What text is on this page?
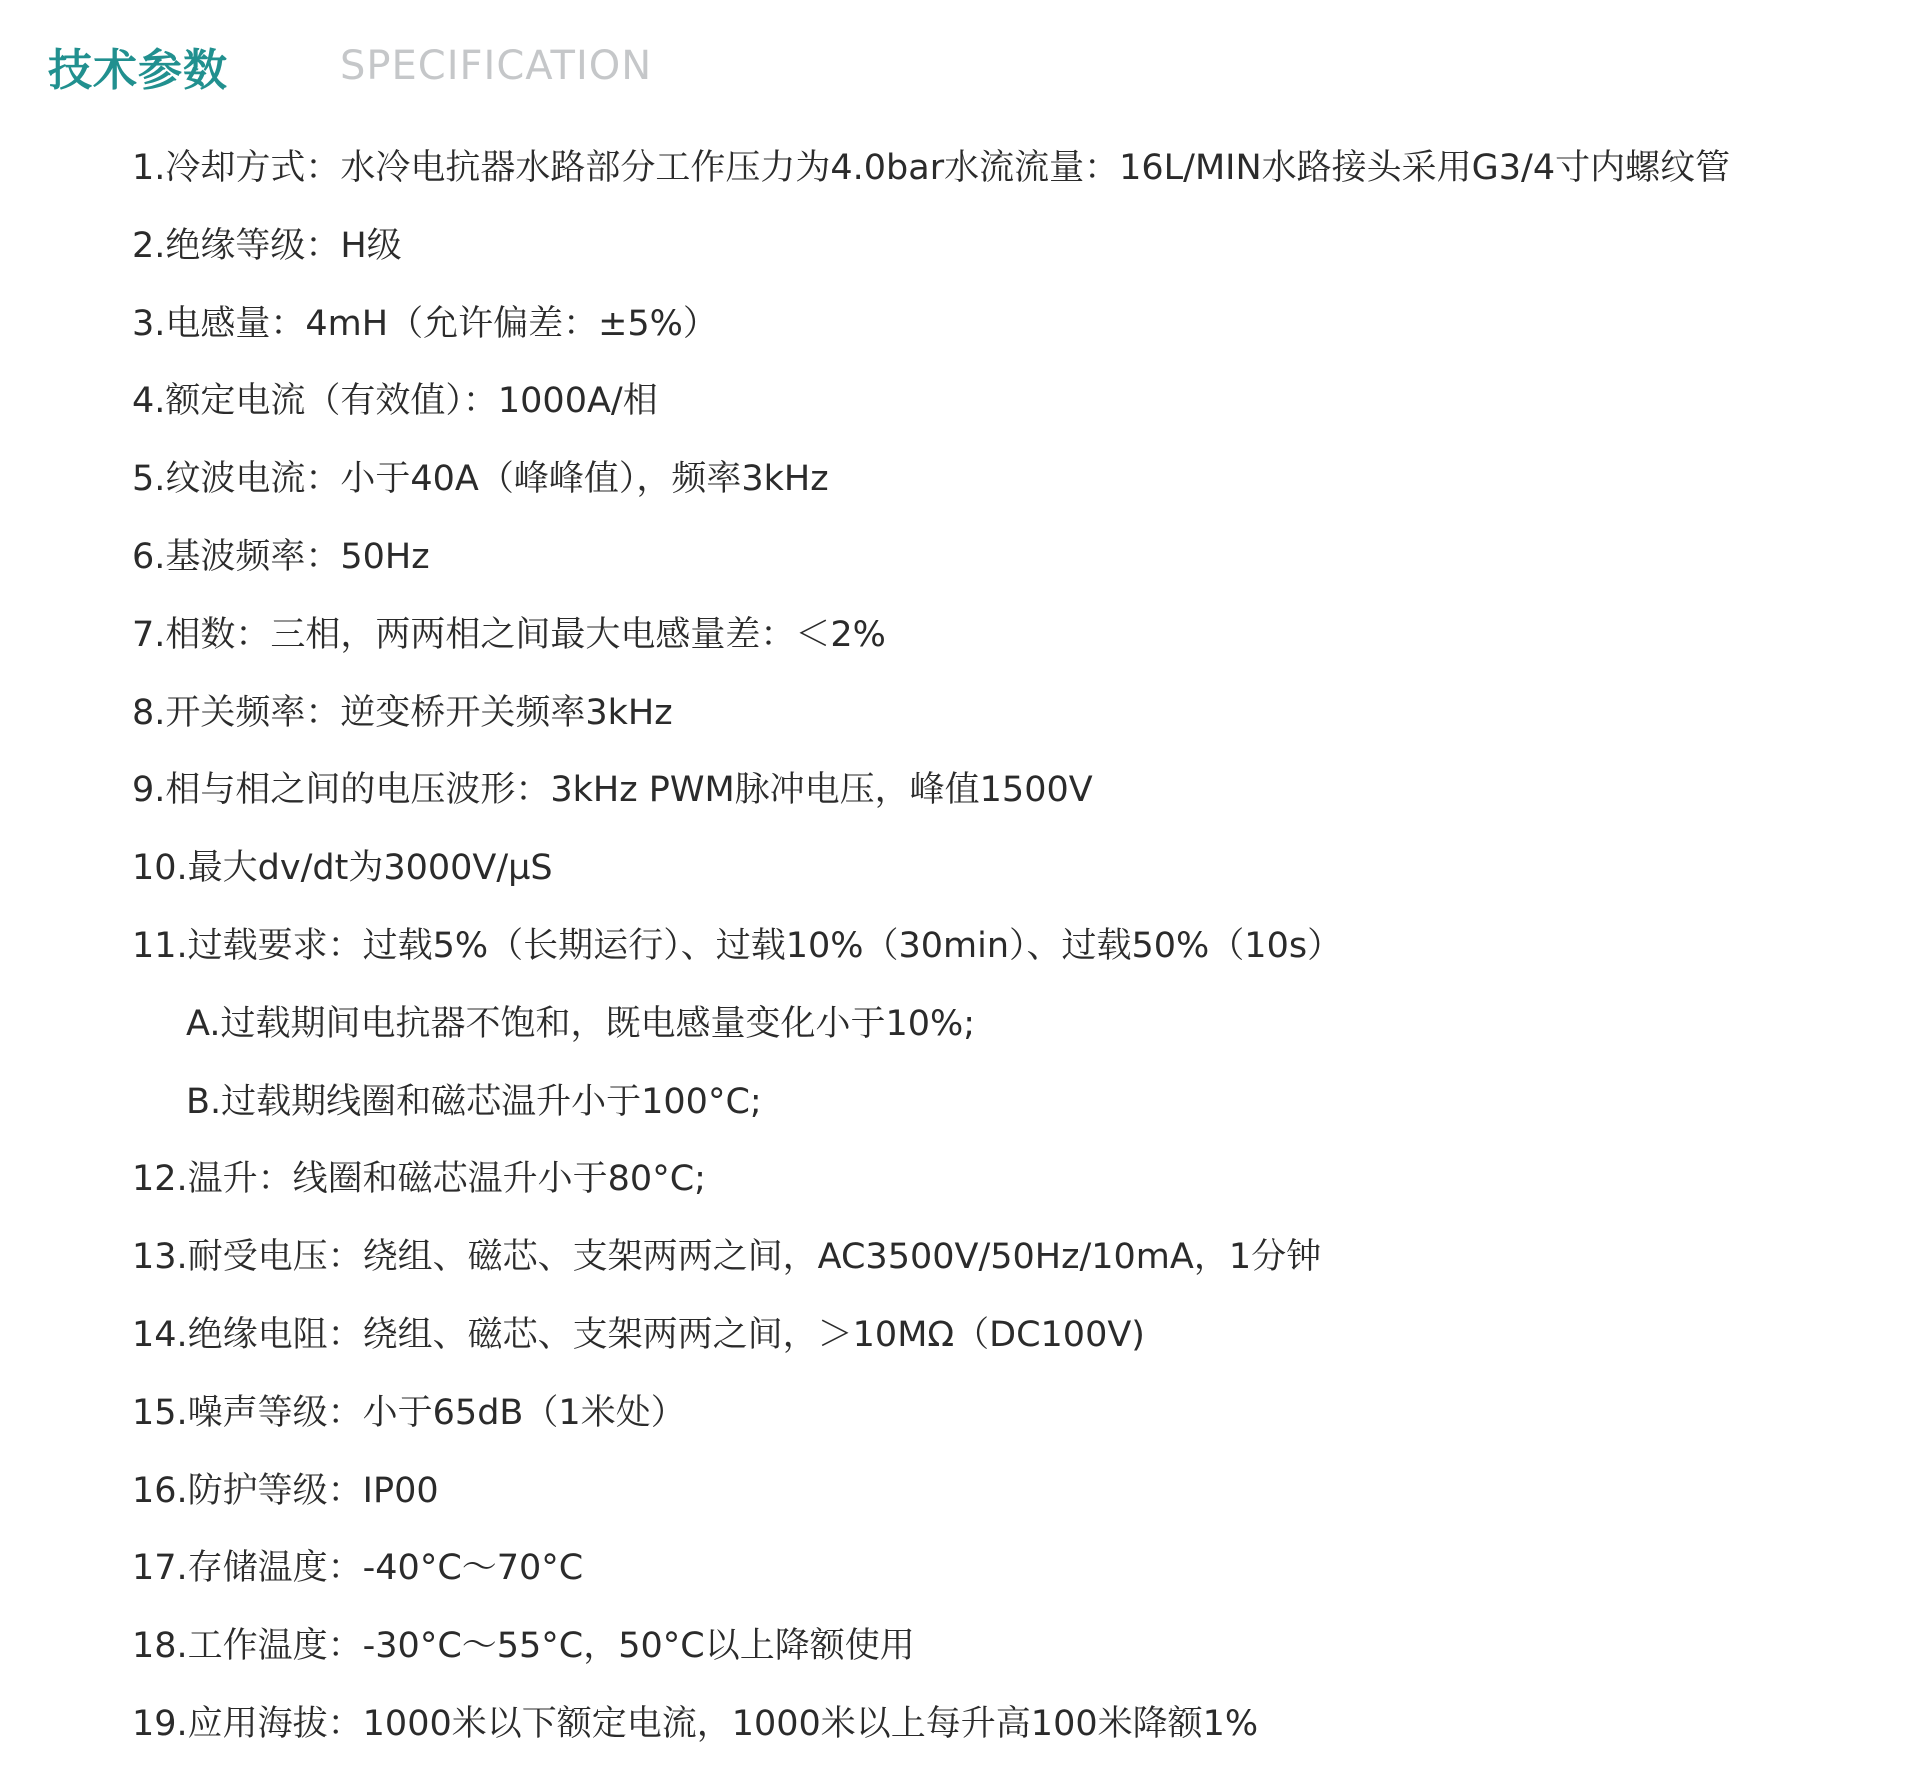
技术参数	SPECIFICATION
1.冷却方式：水冷电抗器水路部分工作压力为4.0bar水流流量：16L/MIN水路接头采用G3/4寸内螺纹管
2.绝缘等级：H级
3.电感量：4mH（允许偏差：±5%）
4.额定电流（有效值）：1000A/相
5.纹波电流：小于40A（峰峰值），频率3kHz
6.基波频率：50Hz
7.相数：三相，两两相之间最大电感量差：＜2%
8.开关频率：逆变桥开关频率3kHz
9.相与相之间的电压波形：3kHz PWM脉冲电压，峰值1500V
10.最大dv/dt为3000V/µS
11.过载要求：过载5%（长期运行）、过载10%（30min）、过载50%（10s）
A.过载期间电抗器不饱和，既电感量变化小于10%;
B.过载期线圈和磁芯温升小于100°C;
12.温升：线圈和磁芯温升小于80°C;
13.耐受电压：绕组、磁芯、支架两两之间，AC3500V/50Hz/10mA，1分钟
14.绝缘电阻：绕组、磁芯、支架两两之间，＞10MΩ（DC100V)
15.噪声等级：小于65dB（1米处）
16.防护等级：IP00
17.存储温度：-40°C～70°C
18.工作温度：-30°C～55°C，50°C以上降额使用
19.应用海拔：1000米以下额定电流，1000米以上每升高100米降额1%
